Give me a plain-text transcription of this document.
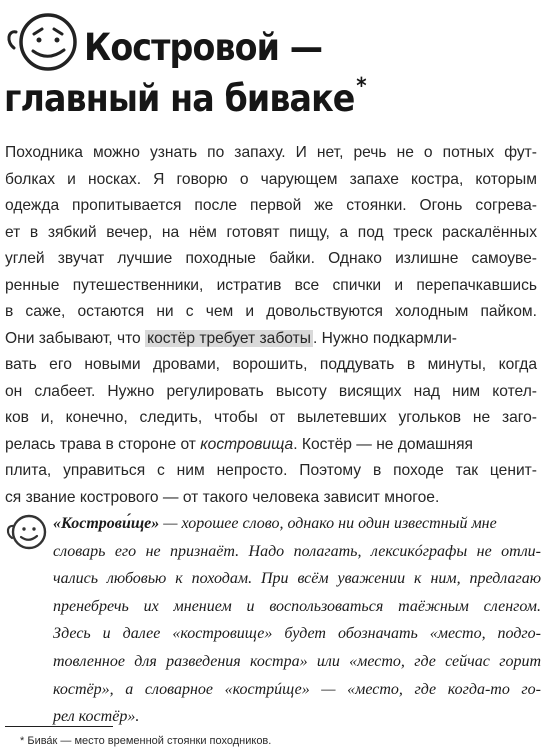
Костровой —
главный на биваке*
Походника можно узнать по запаху. И нет, речь не о потных фут-
болках и носках. Я говорю о чарующем запахе костра, которым
одежда пропитывается после первой же стоянки. Огонь согрева-
ет в зябкий вечер, на нём готовят пищу, а под треск раскалённых
углей звучат лучшие походные байки. Однако излишне самоуве-
ренные путешественники, истратив все спички и перепачкавшись
в саже, остаются ни с чем и довольствуются холодным пайком.
Они забывают, что костёр требует заботы . Нужно подкармли-
вать его новыми дровами, ворошить, поддувать в минуты, когда
он слабеет. Нужно регулировать высоту висящих над ним котел-
ков и, конечно, следить, чтобы от вылетевших угольков не заго-
релась трава в стороне от костровища. Костёр — не домашняя
плита, управиться с ним непросто. Поэтому в походе так ценит-
ся звание кострового — от такого человека зависит многое.
«Кострови́ще» — хорошее слово, однако ни один известный мне
словарь его не признаёт. Надо полагать, лексикóграфы не отли-
чались любовью к походам. При всём уважении к ним, предлагаю
пренебречь их мнением и воспользоваться таёжным сленгом.
Здесь и далее «костровище» будет обозначать «место, подго-
товленное для разведения костра» или «место, где сейчас горит
костёр», а словарное «кострúще» — «место, где когда-то го-
рел костёр».
* Бива́к — место временной стоянки походников.
